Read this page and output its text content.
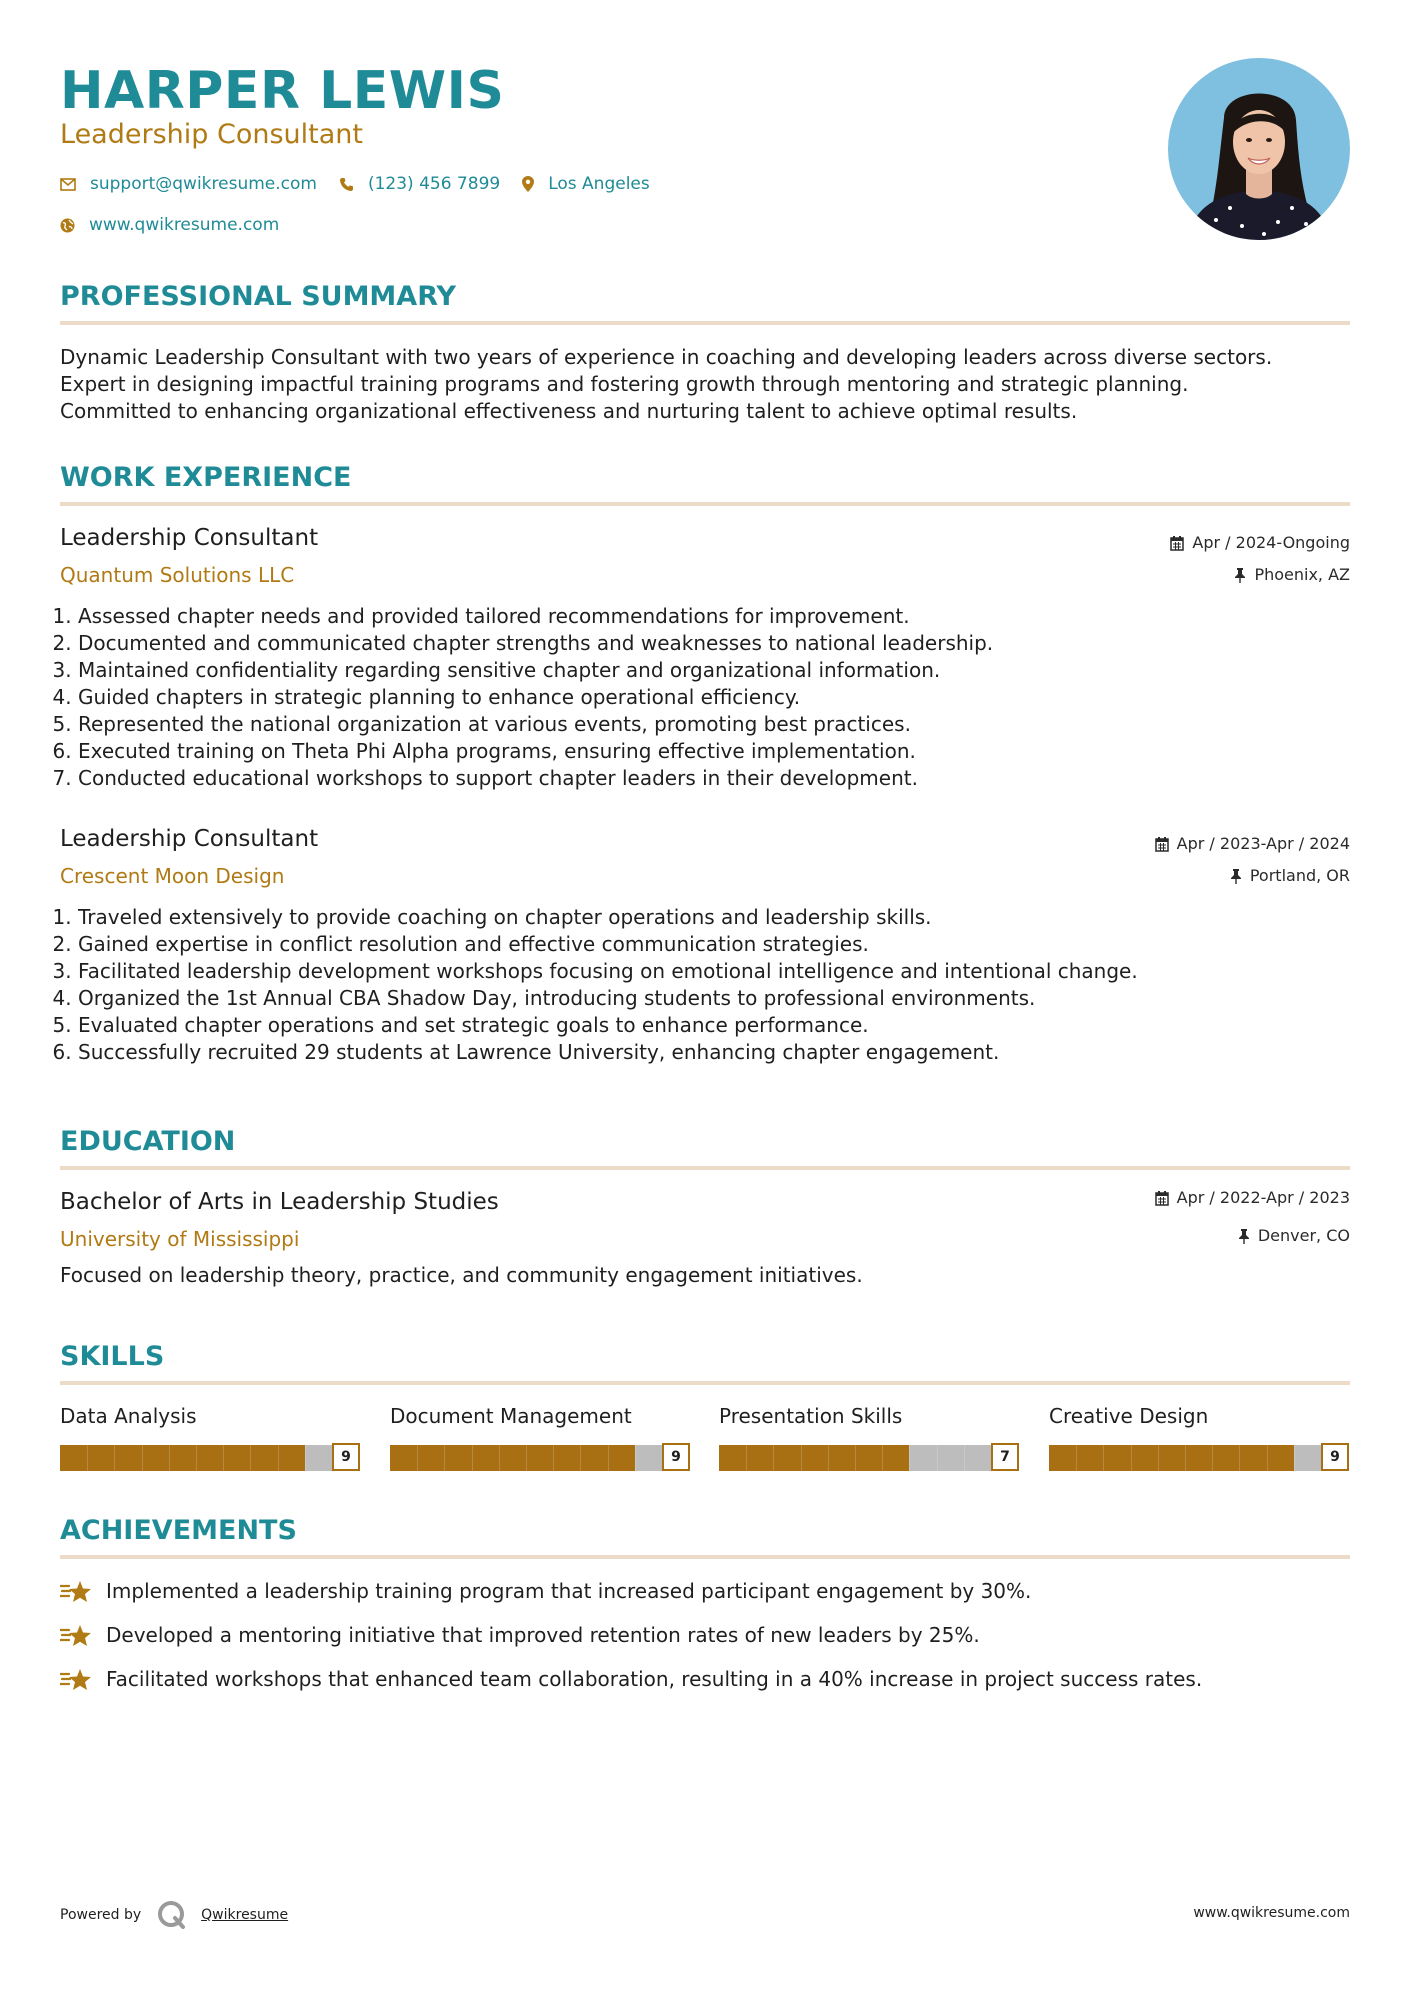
HARPER LEWIS
Leadership Consultant
support@qwikresume.com	(123) 456 7899	Los Angeles
www.qwikresume.com
PROFESSIONAL SUMMARY
Dynamic Leadership Consultant with two years of experience in coaching and developing leaders across diverse sectors.
Expert in designing impactful training programs and fostering growth through mentoring and strategic planning.
Committed to enhancing organizational effectiveness and nurturing talent to achieve optimal results.
WORK EXPERIENCE
Leadership Consultant
Quantum Solutions LLC
Apr / 2024-Ongoing
Phoenix, AZ
1. Assessed chapter needs and provided tailored recommendations for improvement.
2. Documented and communicated chapter strengths and weaknesses to national leadership.
3. Maintained confidentiality regarding sensitive chapter and organizational information.
4. Guided chapters in strategic planning to enhance operational efficiency.
5. Represented the national organization at various events, promoting best practices.
6. Executed training on Theta Phi Alpha programs, ensuring effective implementation.
7. Conducted educational workshops to support chapter leaders in their development.
Leadership Consultant
Crescent Moon Design
Apr / 2023-Apr / 2024
Portland, OR
1. Traveled extensively to provide coaching on chapter operations and leadership skills.
2. Gained expertise in conflict resolution and effective communication strategies.
3. Facilitated leadership development workshops focusing on emotional intelligence and intentional change.
4. Organized the 1st Annual CBA Shadow Day, introducing students to professional environments.
5. Evaluated chapter operations and set strategic goals to enhance performance.
6. Successfully recruited 29 students at Lawrence University, enhancing chapter engagement.
EDUCATION
Bachelor of Arts in Leadership Studies
University of Mississippi
Apr / 2022-Apr / 2023
Denver, CO
Focused on leadership theory, practice, and community engagement initiatives.
SKILLS
Data Analysis
9
Document Management
9
Presentation Skills
7
Creative Design
9
ACHIEVEMENTS
Implemented a leadership training program that increased participant engagement by 30%.
Developed a mentoring initiative that improved retention rates of new leaders by 25%.
Facilitated workshops that enhanced team collaboration, resulting in a 40% increase in project success rates.
Powered by	Qwikresume	www.qwikresume.com
